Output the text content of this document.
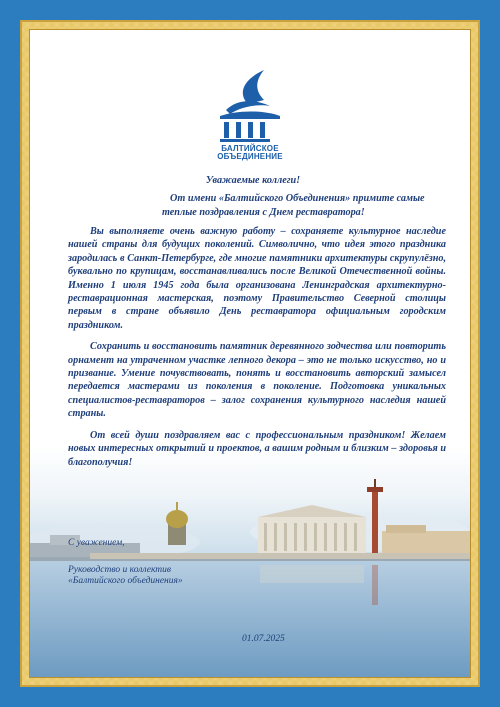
БАЛТИЙСКОЕ
ОБЪЕДИНЕНИЕ
Уважаемые коллеги!
От имени «Балтийского Объединения» примите самые теплые поздравления с Днем реставратора!

Вы выполняете очень важную работу – сохраняете культурное наследие нашей страны для будущих поколений. Символично, что идея этого праздника зародилась в Санкт-Петербурге, где многие памятники архитектуры скрупулёзно, буквально по крупицам, восстанавливались после Великой Отечественной войны. Именно 1 июля 1945 года была организована Ленинградская архитектурно-реставрационная мастерская, поэтому Правительство Северной столицы первым в стране объявило День реставратора официальным городским праздником.

Сохранить и восстановить памятник деревянного зодчества или повторить орнамент на утраченном участке лепного декора – это не только искусство, но и призвание. Умение почувствовать, понять и восстановить авторский замысел передается мастерами из поколения в поколение. Подготовка уникальных специалистов-реставраторов – залог сохранения культурного наследия нашей страны.

От всей души поздравляем вас с профессиональным праздником! Желаем новых интересных открытий и проектов, а вашим родным и близким – здоровья и благополучия!

С уважением,
Руководство и коллектив
«Балтийского объединения»
01.07.2025
